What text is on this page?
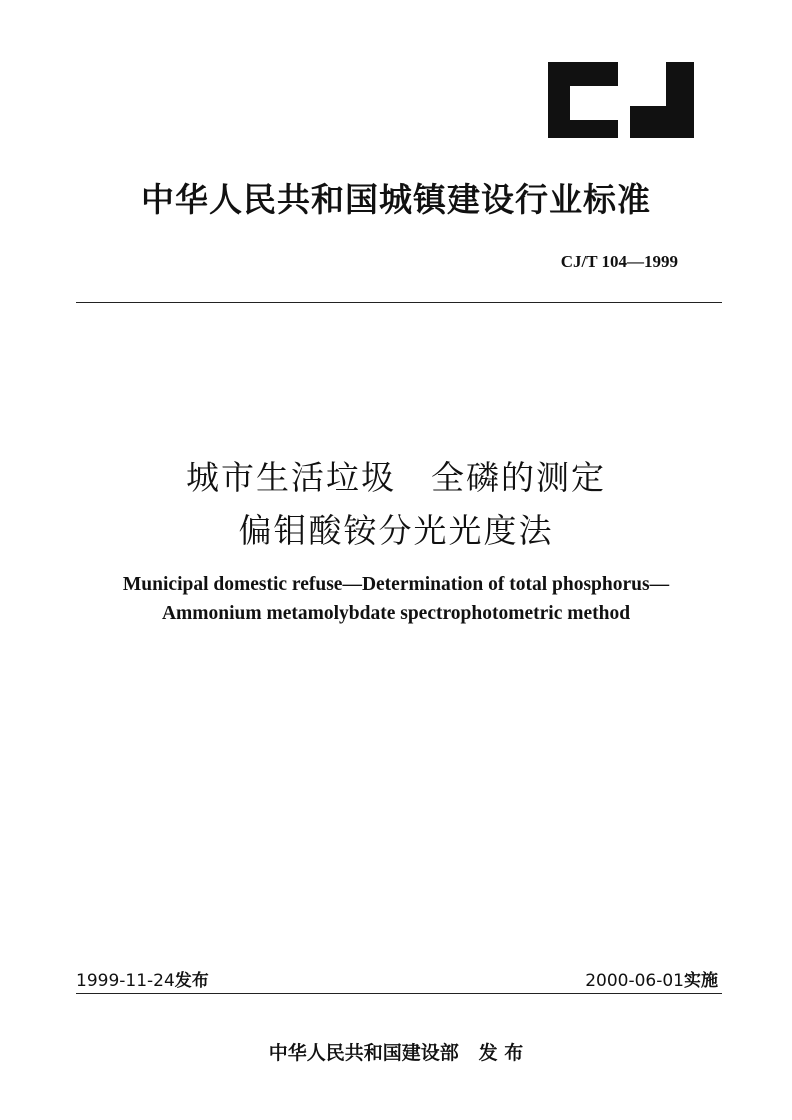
中华人民共和国城镇建设行业标准
CJ/T 104—1999
城市生活垃圾　全磷的测定
偏钼酸铵分光光度法
Municipal domestic refuse—Determination of total phosphorus—
Ammonium metamolybdate spectrophotometric method
1999-11-24发布	2000-06-01实施
中华人民共和国建设部 发 布
